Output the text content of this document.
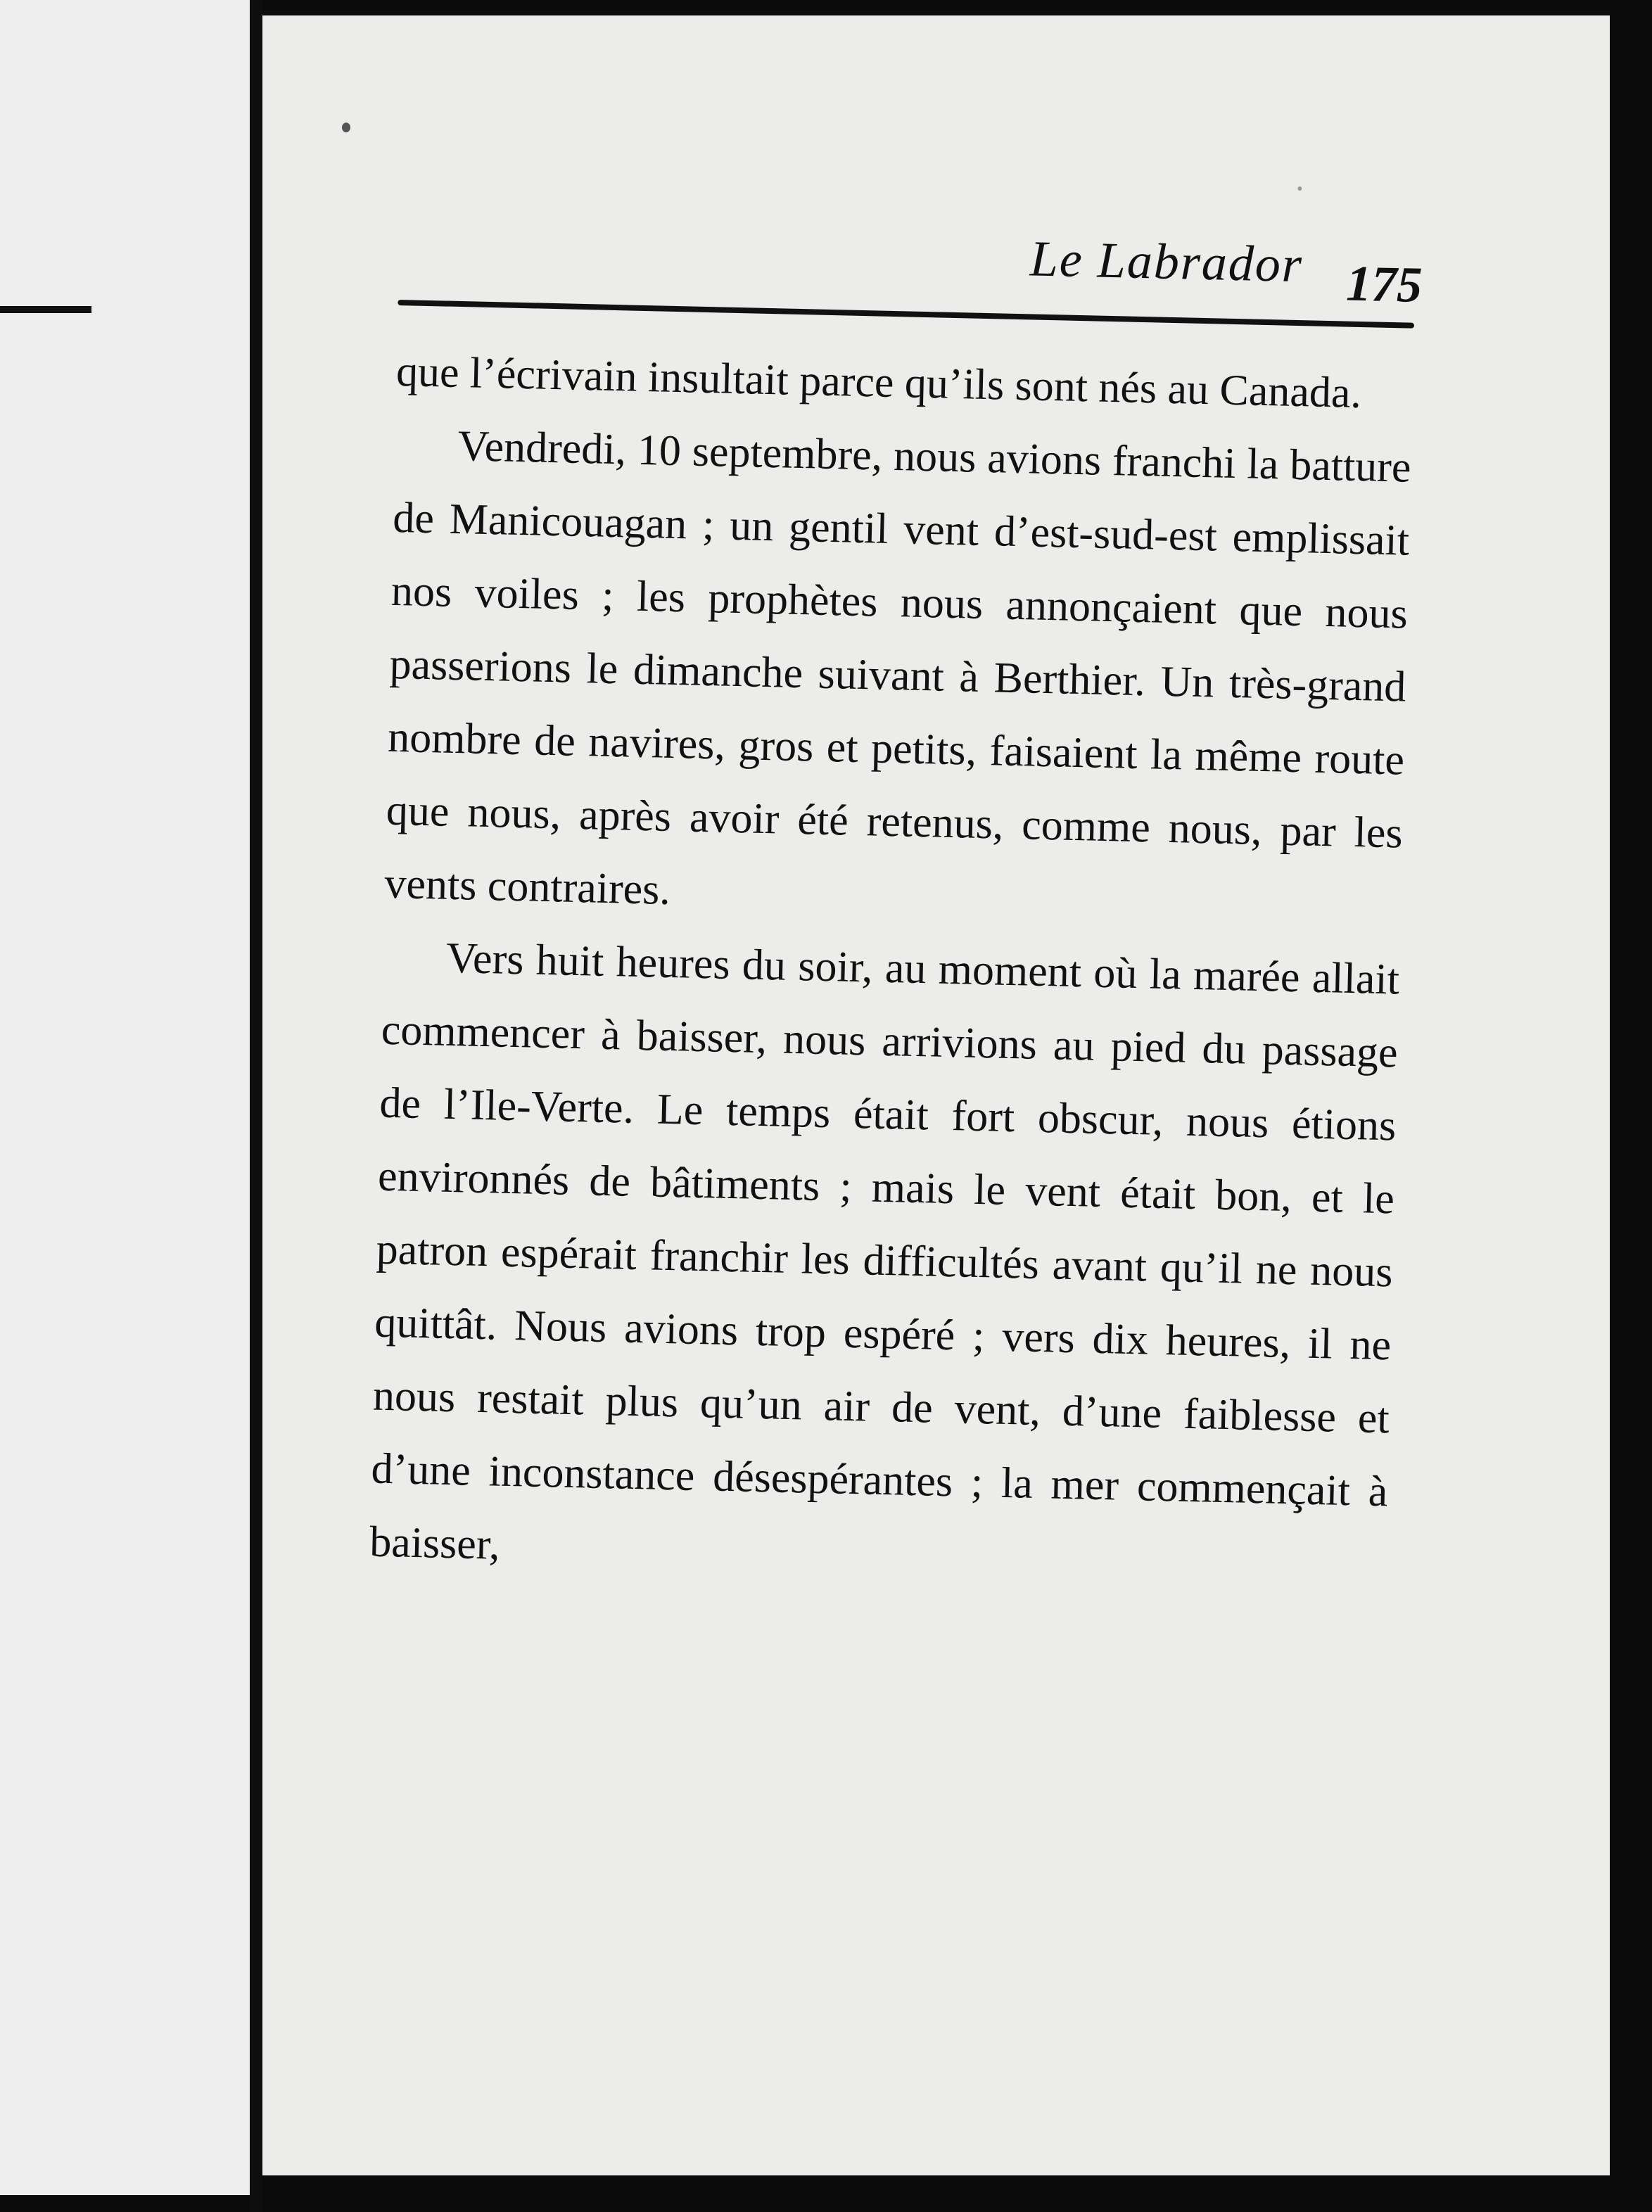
Le Labrador 175

que l’écrivain insultait parce qu’ils sont nés au Canada.

Vendredi, 10 septembre, nous avions franchi la batture de Manicouagan ; un gentil vent d’est-sud-est emplissait nos voiles ; les prophètes nous annonçaient que nous passerions le dimanche suivant à Berthier. Un très-grand nombre de navires, gros et petits, faisaient la même route que nous, après avoir été retenus, comme nous, par les vents contraires.

Vers huit heures du soir, au moment où la marée allait commencer à baisser, nous arrivions au pied du passage de l’Ile-Verte. Le temps était fort obscur, nous étions environnés de bâtiments ; mais le vent était bon, et le patron espérait franchir les difficultés avant qu’il ne nous quittât. Nous avions trop espéré ; vers dix heures, il ne nous restait plus qu’un air de vent, d’une faiblesse et d’une inconstance désespérantes ; la mer commençait à baisser,
